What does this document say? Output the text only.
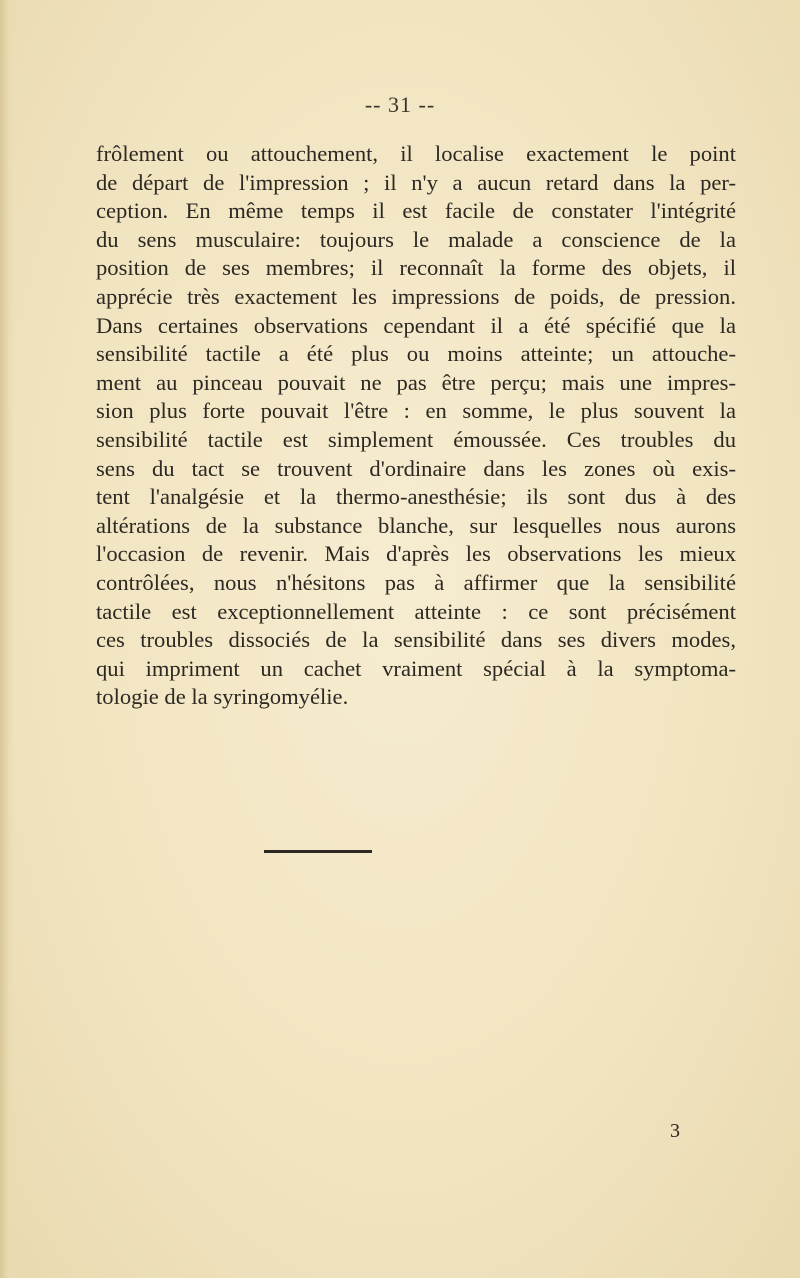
-- 31 --
frôlement ou attouchement, il localise exactement le point
de départ de l'impression ; il n'y a aucun retard dans la per-
ception. En même temps il est facile de constater l'intégrité
du sens musculaire: toujours le malade a conscience de la
position de ses membres; il reconnaît la forme des objets, il
apprécie très exactement les impressions de poids, de pression.
Dans certaines observations cependant il a été spécifié que la
sensibilité tactile a été plus ou moins atteinte; un attouche-
ment au pinceau pouvait ne pas être perçu; mais une impres-
sion plus forte pouvait l'être : en somme, le plus souvent la
sensibilité tactile est simplement émoussée. Ces troubles du
sens du tact se trouvent d'ordinaire dans les zones où exis-
tent l'analgésie et la thermo-anesthésie; ils sont dus à des
altérations de la substance blanche, sur lesquelles nous aurons
l'occasion de revenir. Mais d'après les observations les mieux
contrôlées, nous n'hésitons pas à affirmer que la sensibilité
tactile est exceptionnellement atteinte : ce sont précisément
ces troubles dissociés de la sensibilité dans ses divers modes,
qui impriment un cachet vraiment spécial à la symptoma-
tologie de la syringomyélie.
3
